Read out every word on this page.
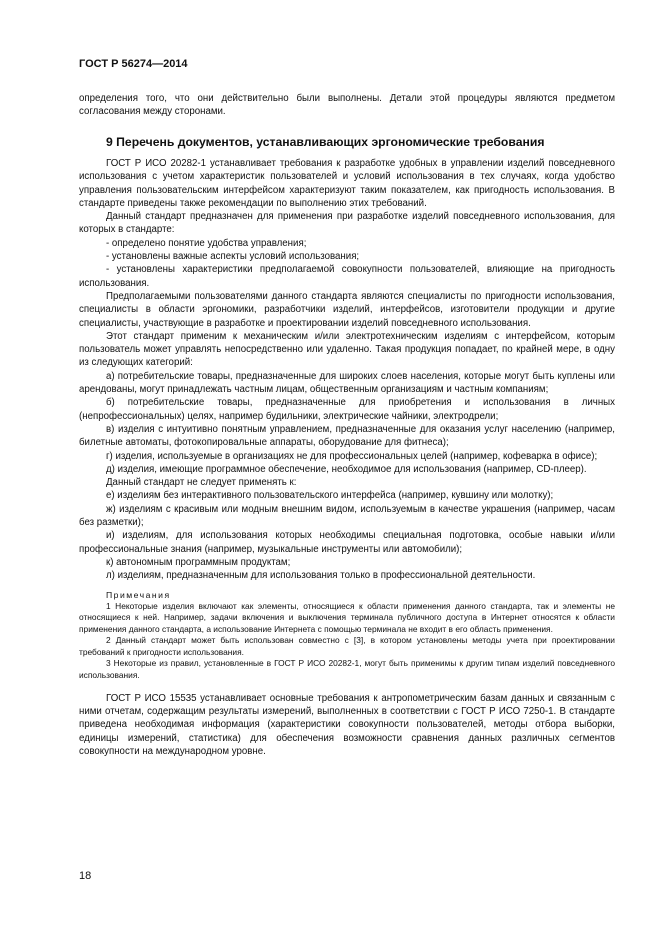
ГОСТ Р 56274—2014

определения того, что они действительно были выполнены. Детали этой процедуры являются предметом согласования между сторонами.

9 Перечень документов, устанавливающих эргономические требования

ГОСТ Р ИСО 20282-1 устанавливает требования к разработке удобных в управлении изделий повседневного использования с учетом характеристик пользователей и условий использования в тех случаях, когда удобство управления пользовательским интерфейсом характеризуют таким показателем, как пригодность использования. В стандарте приведены также рекомендации по выполнению этих требований.

Данный стандарт предназначен для применения при разработке изделий повседневного использования, для которых в стандарте:

- определено понятие удобства управления;

- установлены важные аспекты условий использования;

- установлены характеристики предполагаемой совокупности пользователей, влияющие на пригодность использования.

Предполагаемыми пользователями данного стандарта являются специалисты по пригодности использования, специалисты в области эргономики, разработчики изделий, интерфейсов, изготовители продукции и другие специалисты, участвующие в разработке и проектировании изделий повседневного использования.

Этот стандарт применим к механическим и/или электротехническим изделиям с интерфейсом, которым пользователь может управлять непосредственно или удаленно. Такая продукция попадает, по крайней мере, в одну из следующих категорий:

а) потребительские товары, предназначенные для широких слоев населения, которые могут быть куплены или арендованы, могут принадлежать частным лицам, общественным организациям и частным компаниям;

б) потребительские товары, предназначенные для приобретения и использования в личных (непрофессиональных) целях, например будильники, электрические чайники, электродрели;

в) изделия с интуитивно понятным управлением, предназначенные для оказания услуг населению (например, билетные автоматы, фотокопировальные аппараты, оборудование для фитнеса);

г) изделия, используемые в организациях не для профессиональных целей (например, кофеварка в офисе);

д) изделия, имеющие программное обеспечение, необходимое для использования (например, CD-плеер).

Данный стандарт не следует применять к:

е) изделиям без интерактивного пользовательского интерфейса (например, кувшину или молотку);

ж) изделиям с красивым или модным внешним видом, используемым в качестве украшения (например, часам без разметки);

и) изделиям, для использования которых необходимы специальная подготовка, особые навыки и/или профессиональные знания (например, музыкальные инструменты или автомобили);

к) автономным программным продуктам;

л) изделиям, предназначенным для использования только в профессиональной деятельности.

Примечания

1 Некоторые изделия включают как элементы, относящиеся к области применения данного стандарта, так и элементы не относящиеся к ней. Например, задачи включения и выключения терминала публичного доступа в Интернет относятся к области применения данного стандарта, а использование Интернета с помощью терминала не входит в его область применения.

2 Данный стандарт может быть использован совместно с [3], в котором установлены методы учета при проектировании требований к пригодности использования.

3 Некоторые из правил, установленные в ГОСТ Р ИСО 20282-1, могут быть применимы к другим типам изделий повседневного использования.

ГОСТ Р ИСО 15535 устанавливает основные требования к антропометрическим базам данных и связанным с ними отчетам, содержащим результаты измерений, выполненных в соответствии с ГОСТ Р ИСО 7250-1. В стандарте приведена необходимая информация (характеристики совокупности пользователей, методы отбора выборки, единицы измерений, статистика) для обеспечения возможности сравнения данных различных сегментов совокупности на международном уровне.

18
